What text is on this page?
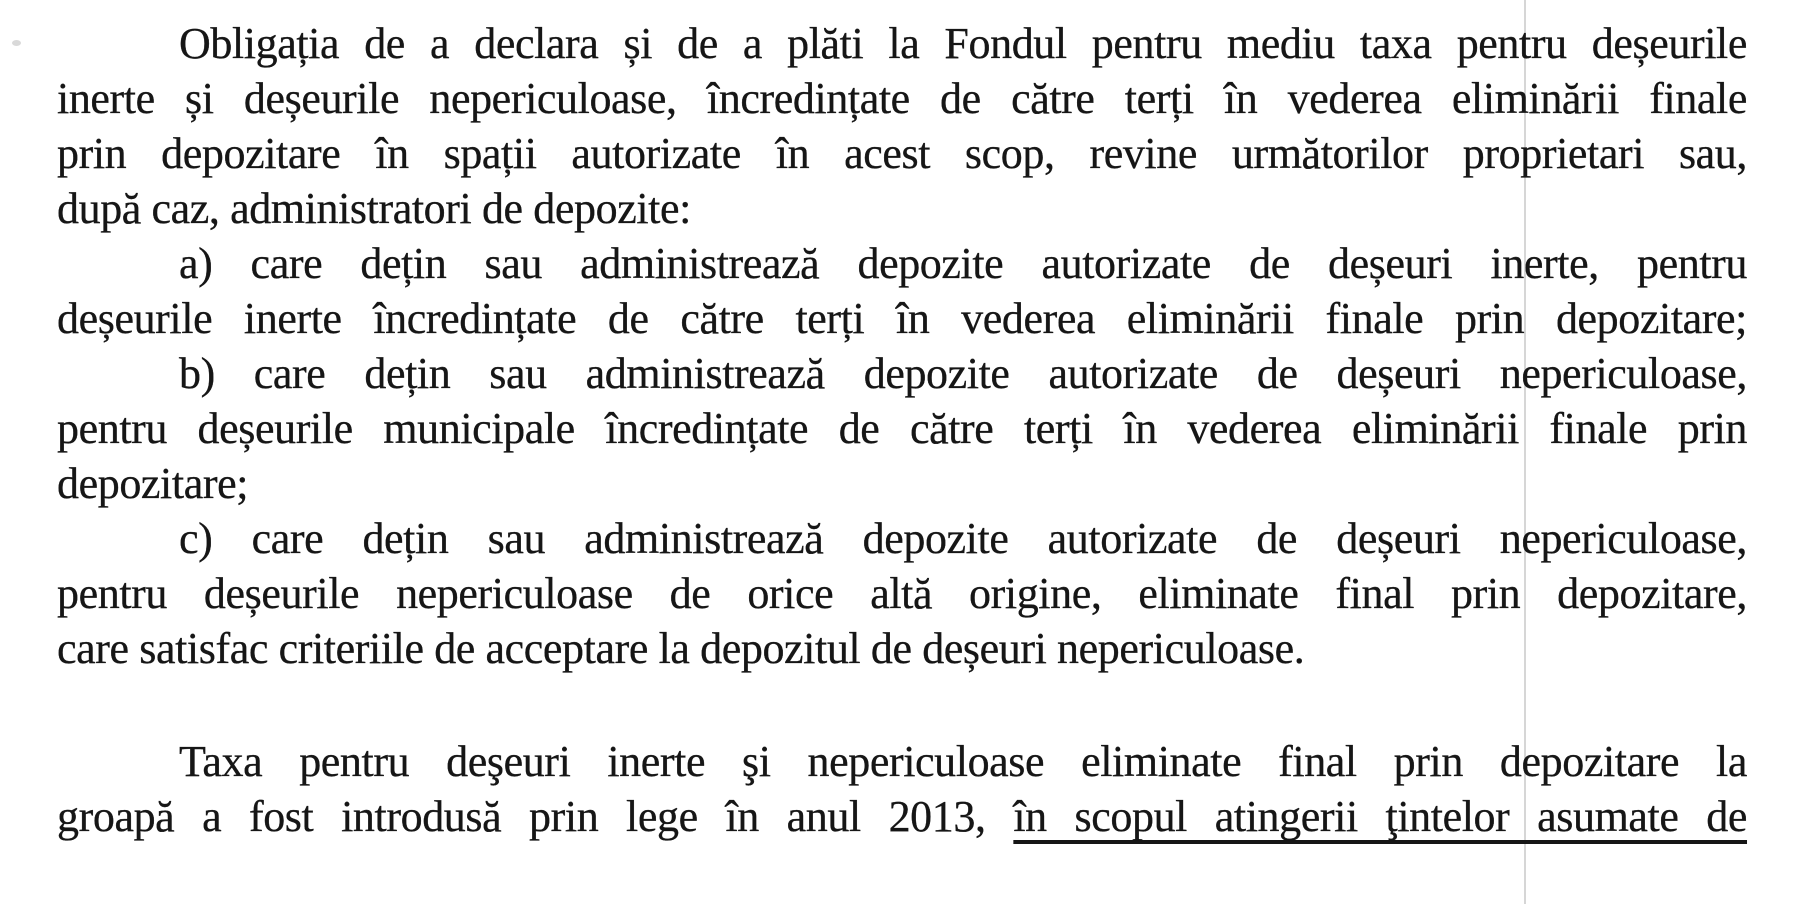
Obligația de a declara și de a plăti la Fondul pentru mediu taxa pentru deșeurile
inerte și deșeurile nepericuloase, încredințate de către terți în vederea eliminării finale
prin depozitare în spații autorizate în acest scop, revine următorilor proprietari sau,
după caz, administratori de depozite:
a) care dețin sau administrează depozite autorizate de deșeuri inerte, pentru
deșeurile inerte încredințate de către terți în vederea eliminării finale prin depozitare;
b) care dețin sau administrează depozite autorizate de deșeuri nepericuloase,
pentru deșeurile municipale încredințate de către terți în vederea eliminării finale prin
depozitare;
c) care dețin sau administrează depozite autorizate de deșeuri nepericuloase,
pentru deșeurile nepericuloase de orice altă origine, eliminate final prin depozitare,
care satisfac criteriile de acceptare la depozitul de deșeuri nepericuloase.
Taxa pentru deşeuri inerte şi nepericuloase eliminate final prin depozitare la
groapă a fost introdusă prin lege în anul 2013, în scopul atingerii ţintelor asumate de
